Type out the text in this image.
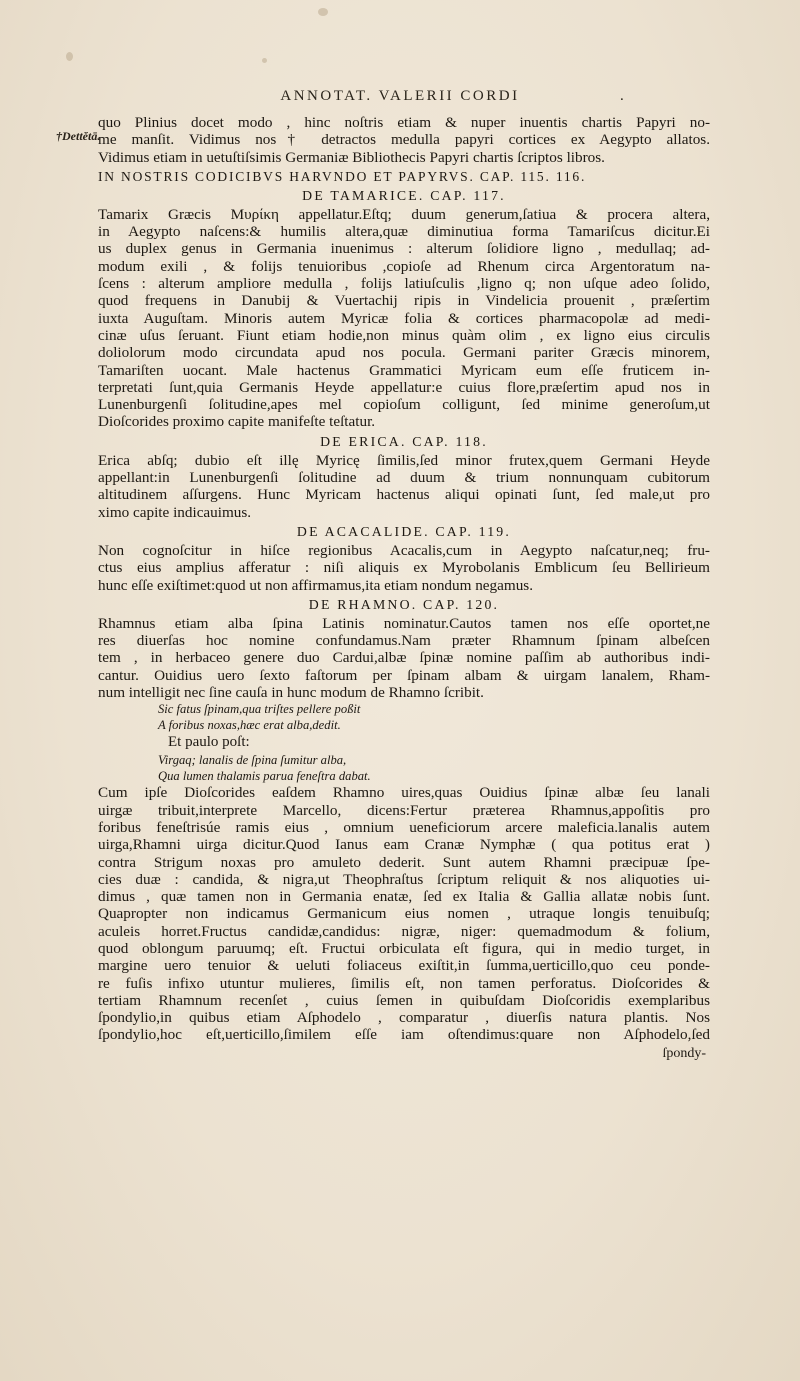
ANNOTAT. VALERII CORDI	.
†Dettĕtā.
quo Plinius docet modo , hinc noſtris etiam & nuper inuentis chartis Papyri no-
me manſit. Vidimus nos† detractos medulla papyri cortices ex Aegypto allatos.
Vidimus etiam in uetuſtiſsimis Germaniæ Bibliothecis Papyri chartis ſcriptos libros.
IN NOSTRIS CODICIBVS HARVNDO ET PAPYRVS. CAP. 115. 116.
DE TAMARICE. CAP. 117.
Tamarix Græcis Μυρίκη appellatur.Eſtq; duum generum,ſatiua & procera altera,
in Aegypto naſcens:& humilis altera,quæ diminutiua forma Tamariſcus dicitur.Ei
us duplex genus in Germania inuenimus : alterum ſolidiore ligno , medullaq; ad-
modum exili , & folijs tenuioribus ,copioſe ad Rhenum circa Argentoratum na-
ſcens : alterum ampliore medulla , folijs latiuſculis ,ligno q; non uſque adeo ſolido,
quod frequens in Danubij & Vuertachij ripis in Vindelicia prouenit , præſertim
iuxta Auguſtam. Minoris autem Myricæ folia & cortices pharmacopolæ ad medi-
cinæ uſus ſeruant. Fiunt etiam hodie,non minus quàm olim , ex ligno eius circulis
doliolorum modo circundata apud nos pocula. Germani pariter Græcis minorem,
Tamariſten uocant. Male hactenus Grammatici Myricam eum eſſe fruticem in-
terpretati ſunt,quia Germanis Heyde appellatur:e cuius flore,præſertim apud nos in
Lunenburgenſi ſolitudine,apes mel copioſum colligunt, ſed minime generoſum,ut
Dioſcorides proximo capite manifeſte teſtatur.
DE ERICA. CAP. 118.
Erica abſq; dubio eſt illę Myricę ſimilis,ſed minor frutex,quem Germani Heyde
appellant:in Lunenburgenſi ſolitudine ad duum & trium nonnunquam cubitorum
altitudinem aſſurgens. Hunc Myricam hactenus aliqui opinati ſunt, ſed male,ut pro
ximo capite indicauimus.
DE ACACALIDE. CAP. 119.
Non cognoſcitur in hiſce regionibus Acacalis,cum in Aegypto naſcatur,neq; fru-
ctus eius amplius afferatur : niſi aliquis ex Myrobolanis Emblicum ſeu Bellirieum
hunc eſſe exiſtimet:quod ut non affirmamus,ita etiam nondum negamus.
DE RHAMNO. CAP. 120.
Rhamnus etiam alba ſpina Latinis nominatur.Cautos tamen nos eſſe oportet,ne
res diuerſas hoc nomine confundamus.Nam præter Rhamnum ſpinam albeſcen
tem , in herbaceo genere duo Cardui,albæ ſpinæ nomine paſſim ab authoribus indi-
cantur. Ouidius uero ſexto faſtorum per ſpinam albam & uirgam lanalem, Rham-
num intelligit nec ſine cauſa in hunc modum de Rhamno ſcribit.
Sic fatus ſpinam,qua triſtes pellere poßit
A foribus noxas,hæc erat alba,dedit.
Et paulo poſt:
Virgaq; lanalis de ſpina ſumitur alba,
Qua lumen thalamis parua feneſtra dabat.
Cum ipſe Dioſcorides eaſdem Rhamno uires,quas Ouidius ſpinæ albæ ſeu lanali
uirgæ tribuit,interprete Marcello, dicens:Fertur præterea Rhamnus,appoſitis pro
foribus feneſtrisúe ramis eius , omnium ueneficiorum arcere maleficia.lanalis autem
uirga,Rhamni uirga dicitur.Quod Ianus eam Cranæ Nymphæ ( qua potitus erat )
contra Strigum noxas pro amuleto dederit. Sunt autem Rhamni præcipuæ ſpe-
cies duæ : candida, & nigra,ut Theophraſtus ſcriptum reliquit & nos aliquoties ui-
dimus , quæ tamen non in Germania enatæ, ſed ex Italia & Gallia allatæ nobis ſunt.
Quapropter non indicamus Germanicum eius nomen , utraque longis tenuibuſq;
aculeis horret.Fructus candidæ,candidus: nigræ, niger: quemadmodum & folium,
quod oblongum paruumq; eſt. Fructui orbiculata eſt figura, qui in medio turget, in
margine uero tenuior & ueluti foliaceus exiſtit,in ſumma,uerticillo,quo ceu ponde-
re fuſis infixo utuntur mulieres, ſimilis eſt, non tamen perforatus. Dioſcorides &
tertiam Rhamnum recenſet , cuius ſemen in quibuſdam Dioſcoridis exemplaribus
ſpondylio,in quibus etiam Aſphodelo , comparatur , diuerſis natura plantis. Nos
ſpondylio,hoc eſt,uerticillo,ſimilem eſſe iam oſtendimus:quare non Aſphodelo,ſed
ſpondy-
